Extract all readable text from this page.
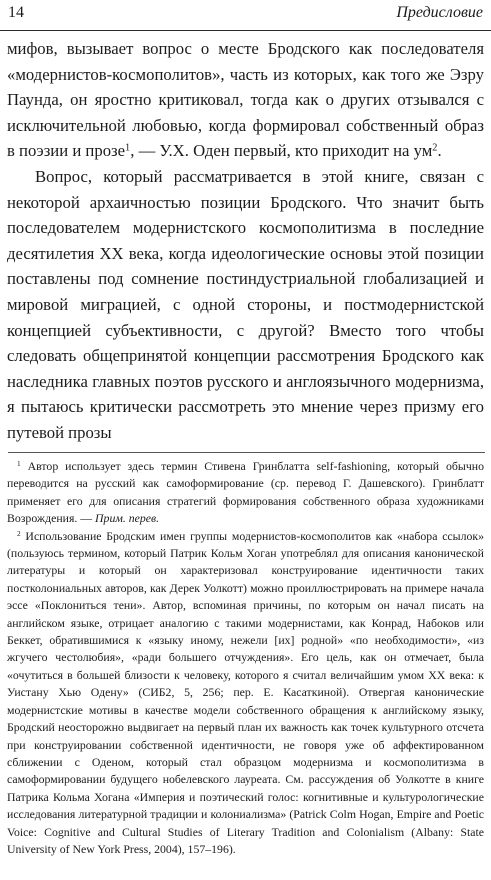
14	Предисловие

мифов, вызывает вопрос о месте Бродского как последователя «модернистов-космополитов», часть из которых, как того же Эзру Паунда, он яростно критиковал, тогда как о других отзывался с исключительной любовью, когда формировал собственный образ в поэзии и прозе$^1$, — У.Х. Оден первый, кто приходит на $ум^2$.

Вопрос, который рассматривается в этой книге, связан с некоторой архаичностью позиции Бродского. Что значит быть последователем модернистского космополитизма в последние десятилетия XX века, когда идеологические основы этой позиции поставлены под сомнение постиндустриальной глобализацией и мировой миграцией, с одной стороны, и постмодернистской концепцией субъективности, с другой? Вместо того чтобы следовать общепринятой концепции рассмотрения Бродского как наследника главных поэтов русского и англоязычного модернизма, я пытаюсь критически рассмотреть это мнение через призму его путевой прозы

$^1$ Автор использует здесь термин Стивена Гринблатта self-fashioning, который обычно переводится на русский как самоформирование (ср. перевод Г. Дашевского). Гринблатт применяет его для описания стратегий формирования собственного образа художниками Возрождения. — Прим. перев.

$^2$ Использование Бродским имен группы модернистов-космополитов как «набора ссылок» (пользуюсь термином, который Патрик Кольм Хоган употреблял для описания канонической литературы и который он характеризовал конструирование идентичности таких постколониальных авторов, как Дерек Уолкотт) можно проиллюстрировать на примере начала эссе «Поклониться тени». Автор, вспоминая причины, по которым он начал писать на английском языке, отрицает аналогию с такими модернистами, как Конрад, Набоков или Беккет, обратившимися к «языку иному, нежели [их] родной» «по необходимости», «из жгучего честолюбия», «ради большего отчуждения». Его цель, как он отмечает, была «очутиться в большей близости к человеку, которого я считал величайшим умом XX века: к Уистану Хью Одену» (СИБ2, 5, 256; пер. Е. Касаткиной). Отвергая канонические модернистские мотивы в качестве модели собственного обращения к английскому языку, Бродский неосторожно выдвигает на первый план их важность как точек культурного отсчета при конструировании собственной идентичности, не говоря уже об аффектированном сближении с Оденом, который стал образцом модернизма и космополитизма в самоформировании будущего нобелевского лауреата. См. рассуждения об Уолкотте в книге Патрика Кольма Хогана «Империя и поэтический голос: когнитивные и культурологические исследования литературной традиции и колониализма» (Patrick Colm Hogan, Empire and Poetic Voice: Cognitive and Cultural Studies of Literary Tradition and Colonialism (Albany: State University of New York Press, 2004), 157–196).
